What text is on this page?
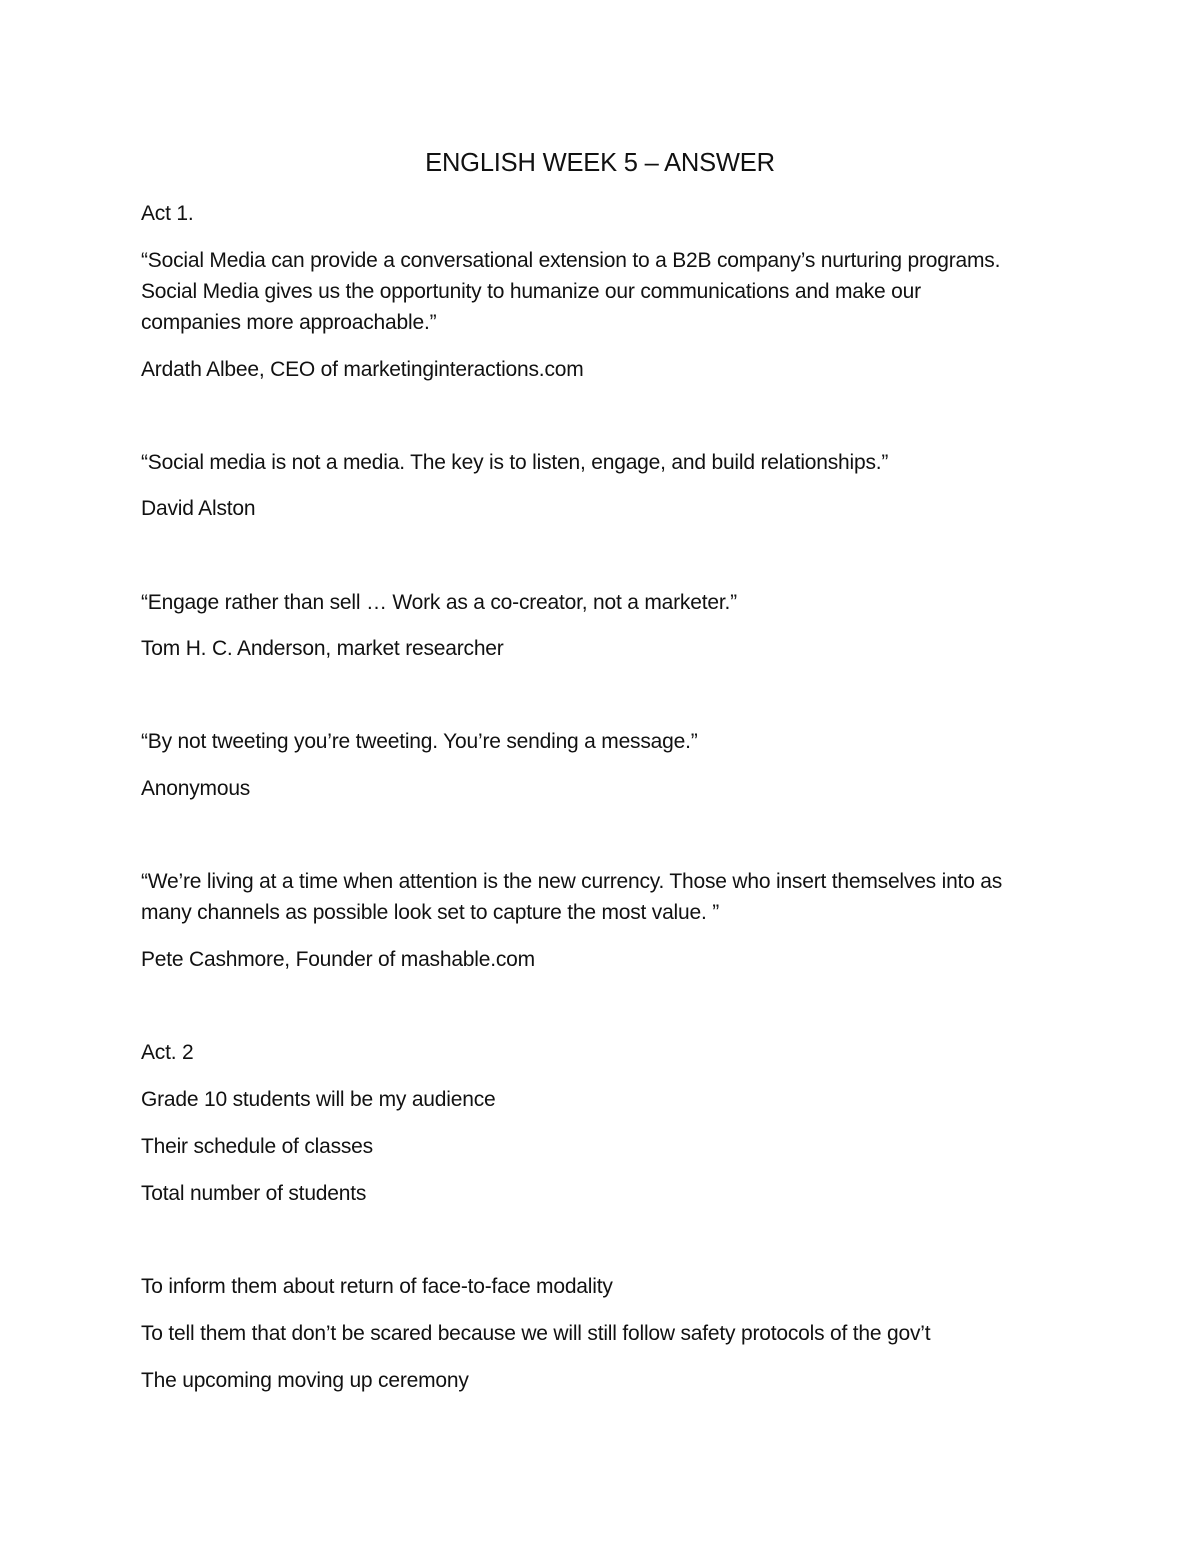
ENGLISH WEEK 5 – ANSWER
Act 1.
“Social Media can provide a conversational extension to a B2B company’s nurturing programs.
Social Media gives us the opportunity to humanize our communications and make our
companies more approachable.”
Ardath Albee, CEO of marketinginteractions.com
“Social media is not a media. The key is to listen, engage, and build relationships.”
David Alston
“Engage rather than sell … Work as a co-creator, not a marketer.”
Tom H. C. Anderson, market researcher
“By not tweeting you’re tweeting. You’re sending a message.”
Anonymous
“We’re living at a time when attention is the new currency. Those who insert themselves into as
many channels as possible look set to capture the most value. ”
Pete Cashmore, Founder of mashable.com
Act. 2
Grade 10 students will be my audience
Their schedule of classes
Total number of students
To inform them about return of face-to-face modality
To tell them that don’t be scared because we will still follow safety protocols of the gov’t
The upcoming moving up ceremony
